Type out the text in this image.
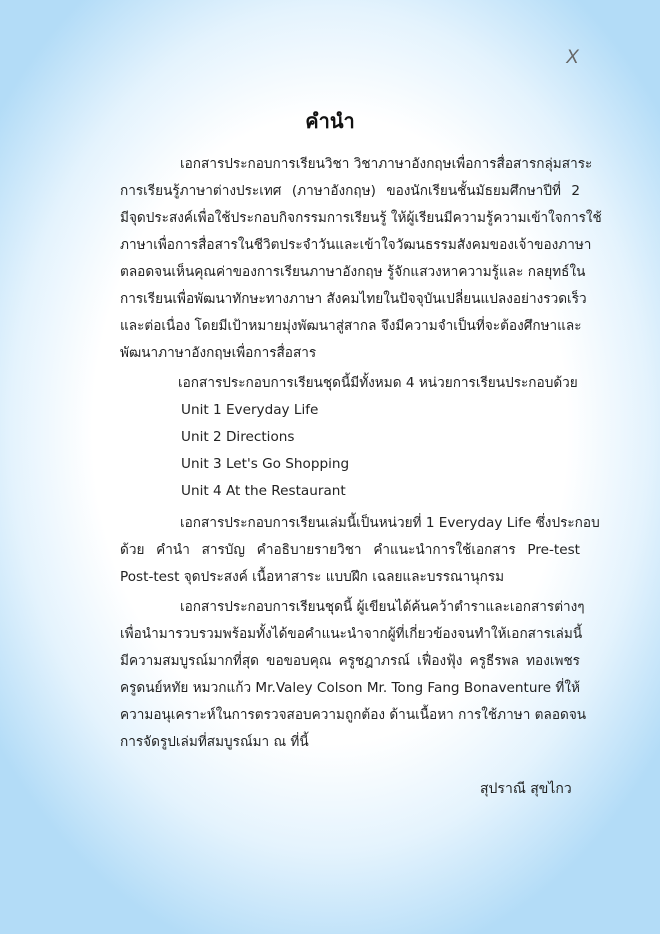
X
คำนำ
เอกสารประกอบการเรียนวิชา วิชาภาษาอังกฤษเพื่อการสื่อสารกลุ่มสาระ
การเรียนรู้ภาษาต่างประเทศ (ภาษาอังกฤษ) ของนักเรียนชั้นมัธยมศึกษาปีที่ 2
มีจุดประสงค์เพื่อใช้ประกอบกิจกรรมการเรียนรู้ ให้ผู้เรียนมีความรู้ความเข้าใจการใช้
ภาษาเพื่อการสื่อสารในชีวิตประจำวันและเข้าใจวัฒนธรรมสังคมของเจ้าของภาษา
ตลอดจนเห็นคุณค่าของการเรียนภาษาอังกฤษ รู้จักแสวงหาความรู้และ กลยุทธ์ใน
การเรียนเพื่อพัฒนาทักษะทางภาษา สังคมไทยในปัจจุบันเปลี่ยนแปลงอย่างรวดเร็ว
และต่อเนื่อง โดยมีเป้าหมายมุ่งพัฒนาสู่สากล จึงมีความจำเป็นที่จะต้องศึกษาและ
พัฒนาภาษาอังกฤษเพื่อการสื่อสาร
เอกสารประกอบการเรียนชุดนี้มีทั้งหมด 4 หน่วยการเรียนประกอบด้วย
Unit 1 Everyday Life
Unit 2 Directions
Unit 3 Let's Go Shopping
Unit 4 At the Restaurant
เอกสารประกอบการเรียนเล่มนี้เป็นหน่วยที่ 1 Everyday Life ซึ่งประกอบ
ด้วย คำนำ สารบัญ คำอธิบายรายวิชา คำแนะนำการใช้เอกสาร Pre-test
Post-test จุดประสงค์ เนื้อหาสาระ แบบฝึก เฉลยและบรรณานุกรม
เอกสารประกอบการเรียนชุดนี้ ผู้เขียนได้ค้นคว้าตำราและเอกสารต่างๆ
เพื่อนำมารวบรวมพร้อมทั้งได้ขอคำแนะนำจากผู้ที่เกี่ยวข้องจนทำให้เอกสารเล่มนี้
มีความสมบูรณ์มากที่สุด ขอขอบคุณ ครูชฎาภรณ์ เฟื่องฟุ้ง ครูธีรพล ทองเพชร
ครูดนย์หทัย หมวกแก้ว Mr.Valey Colson Mr. Tong Fang Bonaventure ที่ให้
ความอนุเคราะห์ในการตรวจสอบความถูกต้อง ด้านเนื้อหา การใช้ภาษา ตลอดจน
การจัดรูปเล่มที่สมบูรณ์มา ณ ที่นี้
สุปราณี สุขไกว
